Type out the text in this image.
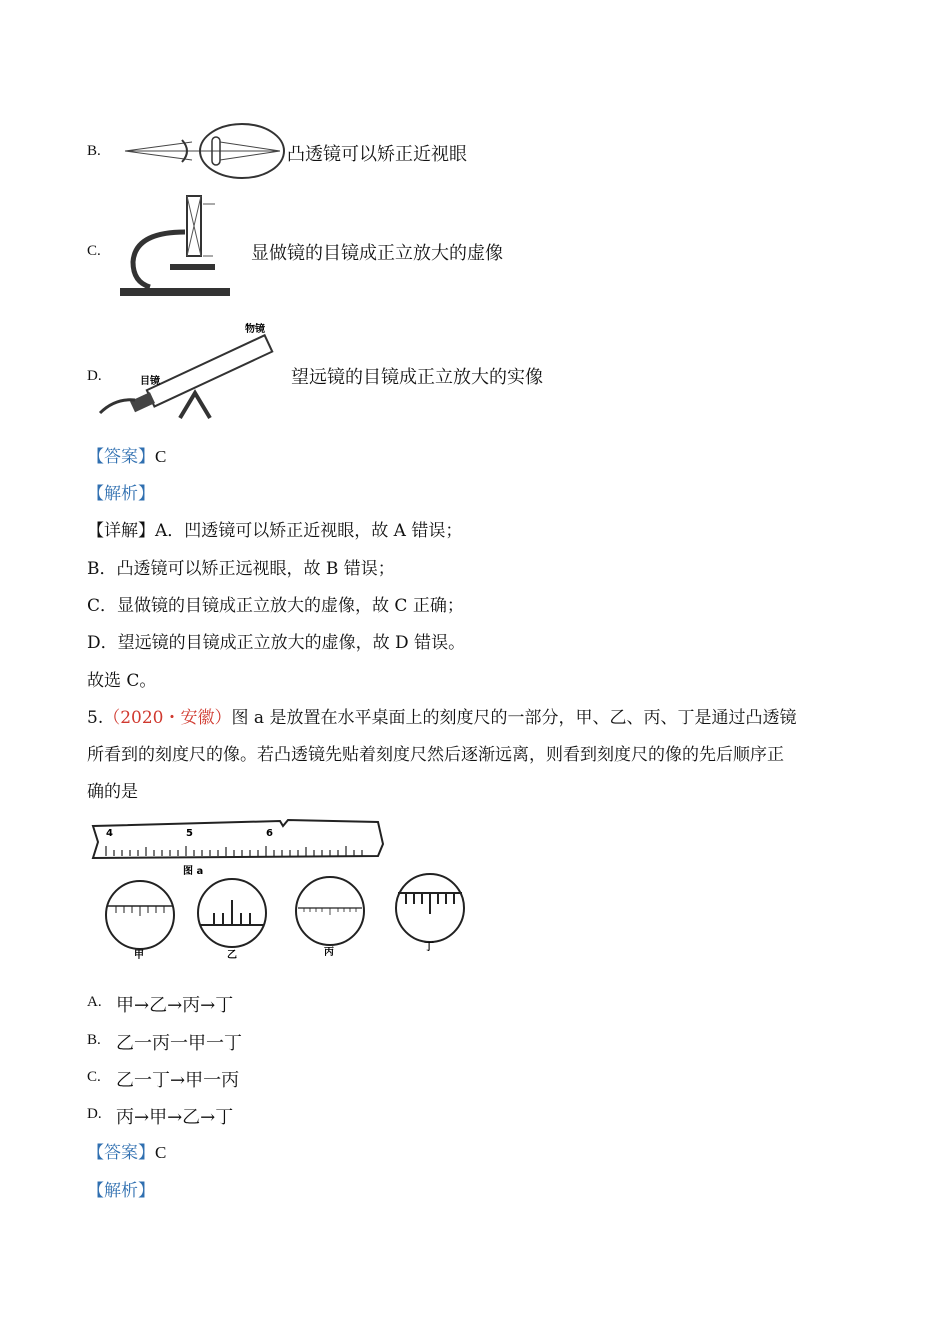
B.	凸透镜可以矫正近视眼
C.	显做镜的目镜成正立放大的虚像
D.
物镜
目镜	望远镜的目镜成正立放大的实像
【答案】C
【解析】
【详解】A．凹透镜可以矫正近视眼，故 A 错误；
B．凸透镜可以矫正远视眼，故 B 错误；
C．显做镜的目镜成正立放大的虚像，故 C 正确；
D．望远镜的目镜成正立放大的虚像，故 D 错误。
故选 C。
5.（2020・安徽）图 a 是放置在水平桌面上的刻度尺的一部分，甲、乙、丙、丁是通过凸透镜
所看到的刻度尺的像。若凸透镜先贴着刻度尺然后逐渐远离，则看到刻度尺的像的先后顺序正
确的是
4	5	6
图 a
甲	乙	丙	丁
A. 甲→乙→丙→丁
B. 乙一丙一甲一丁
C. 乙一丁→甲一丙
D. 丙→甲→乙→丁
【答案】C
【解析】
